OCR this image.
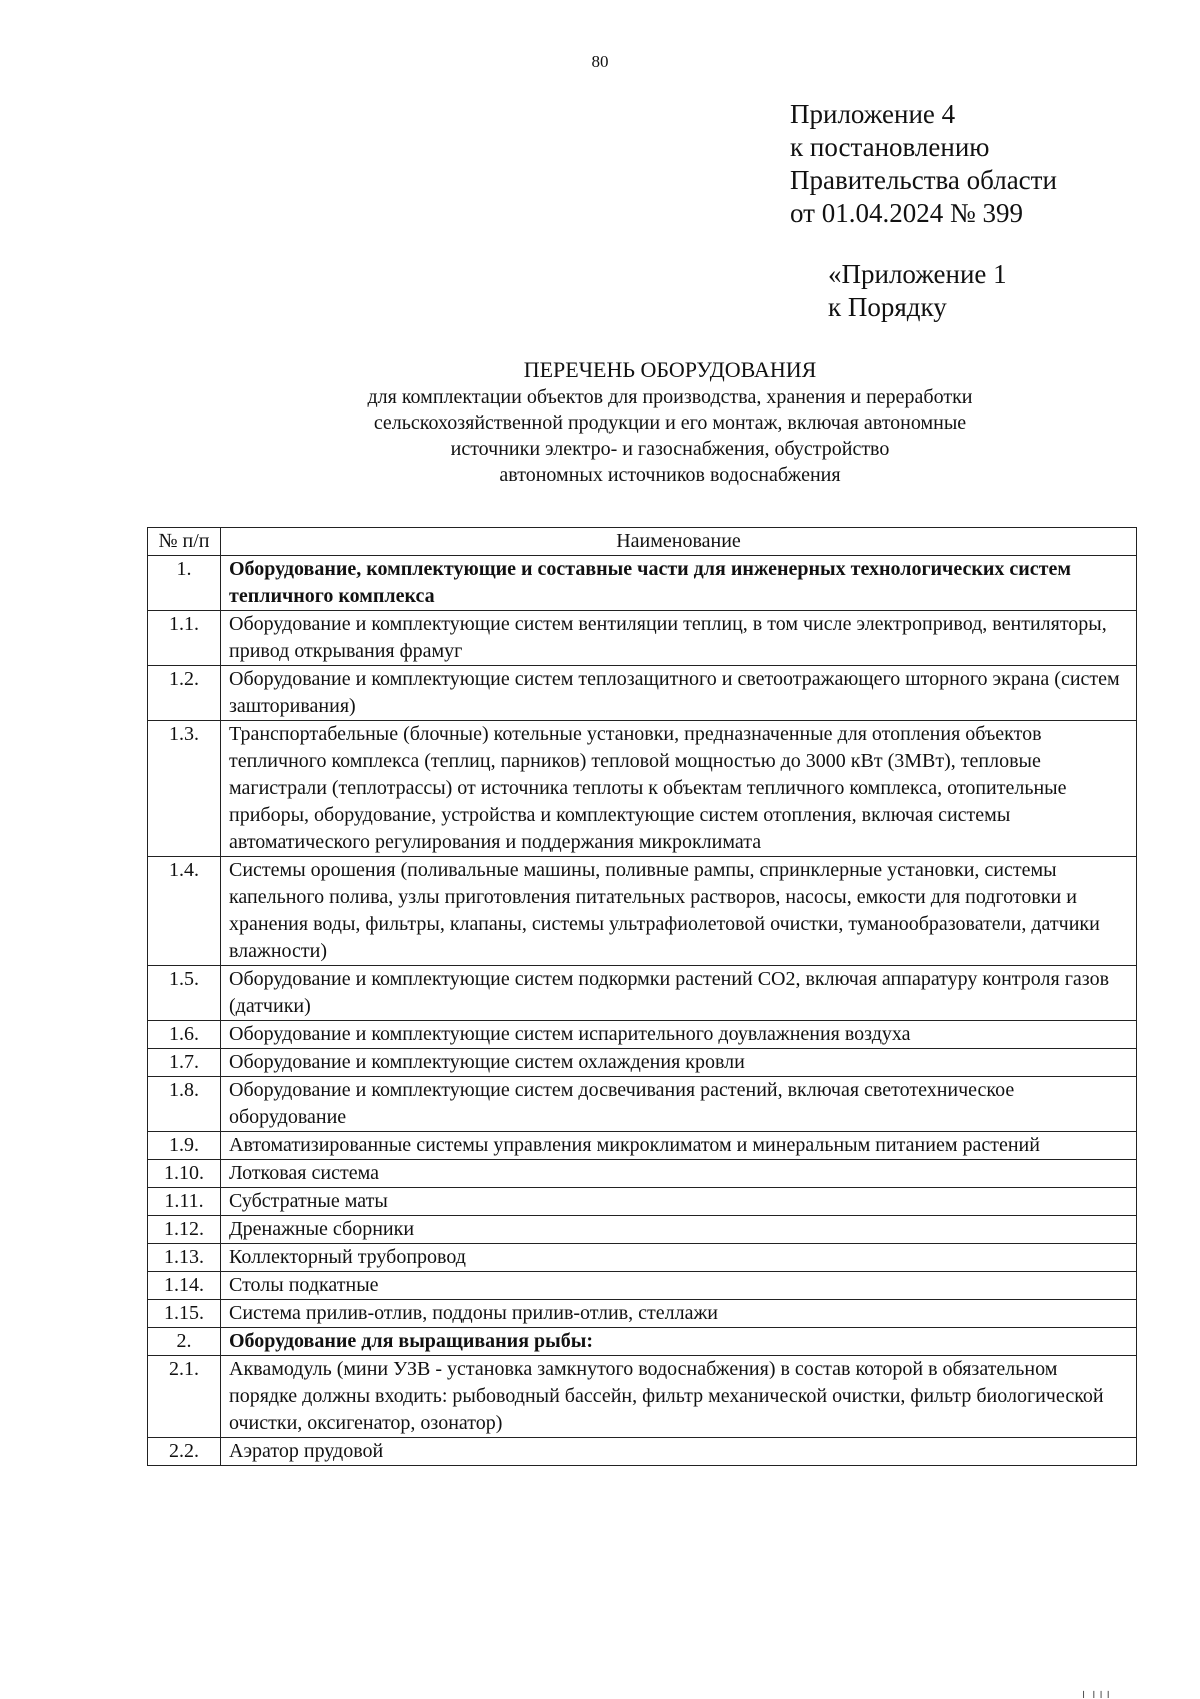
80
Приложение 4
к постановлению
Правительства области
от 01.04.2024 № 399
«Приложение 1
к Порядку
ПЕРЕЧЕНЬ ОБОРУДОВАНИЯ
для комплектации объектов для производства, хранения и переработки
сельскохозяйственной продукции и его монтаж, включая автономные
источники электро- и газоснабжения, обустройство
автономных источников водоснабжения
№ п/п	Наименование
1.	Оборудование, комплектующие и составные части для инженерных технологических систем тепличного комплекса
1.1.	Оборудование и комплектующие систем вентиляции теплиц, в том числе электропривод, вентиляторы, привод открывания фрамуг
1.2.	Оборудование и комплектующие систем теплозащитного и светоотражающего шторного экрана (систем зашторивания)
1.3.	Транспортабельные (блочные) котельные установки, предназначенные для отопления объектов тепличного комплекса (теплиц, парников) тепловой мощностью до 3000 кВт (3МВт), тепловые магистрали (теплотрассы) от источника теплоты к объектам тепличного комплекса, отопительные приборы, оборудование, устройства и комплектующие систем отопления, включая системы автоматического регулирования и поддержания микроклимата
1.4.	Системы орошения (поливальные машины, поливные рампы, спринклерные установки, системы капельного полива, узлы приготовления питательных растворов, насосы, емкости для подготовки и хранения воды, фильтры, клапаны, системы ультрафиолетовой очистки, туманообразователи, датчики влажности)
1.5.	Оборудование и комплектующие систем подкормки растений СО2, включая аппаратуру контроля газов (датчики)
1.6.	Оборудование и комплектующие систем испарительного доувлажнения воздуха
1.7.	Оборудование и комплектующие систем охлаждения кровли
1.8.	Оборудование и комплектующие систем досвечивания растений, включая светотехническое оборудование
1.9.	Автоматизированные системы управления микроклиматом и минеральным питанием растений
1.10.	Лотковая система
1.11.	Субстратные маты
1.12.	Дренажные сборники
1.13.	Коллекторный трубопровод
1.14.	Столы подкатные
1.15.	Система прилив-отлив, поддоны прилив-отлив, стеллажи
2.	Оборудование для выращивания рыбы:
2.1.	Аквамодуль (мини УЗВ - установка замкнутого водоснабжения) в состав которой в обязательном порядке должны входить: рыбоводный бассейн, фильтр механической очистки, фильтр биологической очистки, оксигенатор, озонатор)
2.2.	Аэратор прудовой
╷ ╷╷╷
